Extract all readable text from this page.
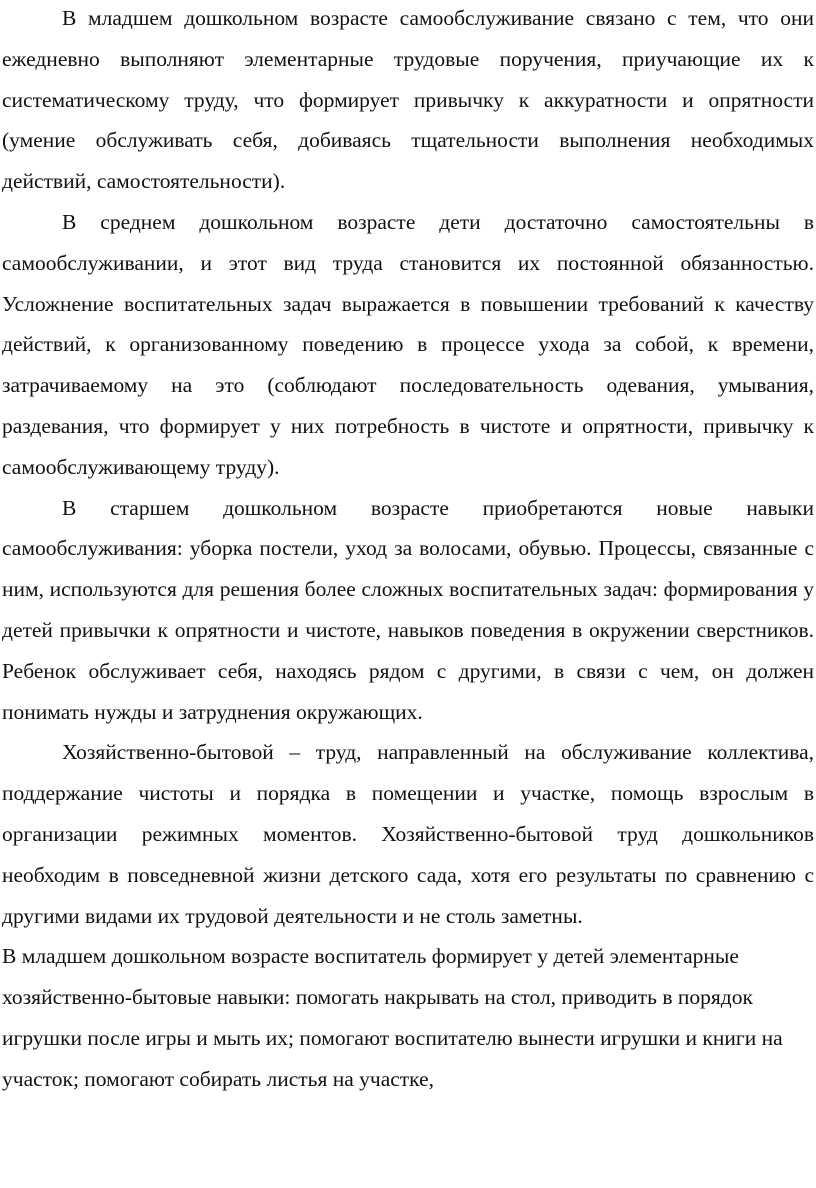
В младшем дошкольном возрасте самообслуживание связано с тем, что они ежедневно выполняют элементарные трудовые поручения, приучающие их к систематическому труду, что формирует привычку к аккуратности и опрятности (умение обслуживать себя, добиваясь тщательности выполнения необходимых действий, самостоятельности).

В среднем дошкольном возрасте дети достаточно самостоятельны в самообслуживании, и этот вид труда становится их постоянной обязанностью. Усложнение воспитательных задач выражается в повышении требований к качеству действий, к организованному поведению в процессе ухода за собой, к времени, затрачиваемому на это (соблюдают последовательность одевания, умывания, раздевания, что формирует у них потребность в чистоте и опрятности, привычку к самообслуживающему труду).

В старшем дошкольном возрасте приобретаются новые навыки самообслуживания: уборка постели, уход за волосами, обувью. Процессы, связанные с ним, используются для решения более сложных воспитательных задач: формирования у детей привычки к опрятности и чистоте, навыков поведения в окружении сверстников. Ребенок обслуживает себя, находясь рядом с другими, в связи с чем, он должен понимать нужды и затруднения окружающих.

Хозяйственно-бытовой – труд, направленный на обслуживание коллектива, поддержание чистоты и порядка в помещении и участке, помощь взрослым в организации режимных моментов. Хозяйственно-бытовой труд дошкольников необходим в повседневной жизни детского сада, хотя его результаты по сравнению с другими видами их трудовой деятельности и не столь заметны.

В младшем дошкольном возрасте воспитатель формирует у детей элементарные хозяйственно-бытовые навыки: помогать накрывать на стол, приводить в порядок игрушки после игры и мыть их; помогают воспитателю вынести игрушки и книги на участок; помогают собирать листья на участке,
